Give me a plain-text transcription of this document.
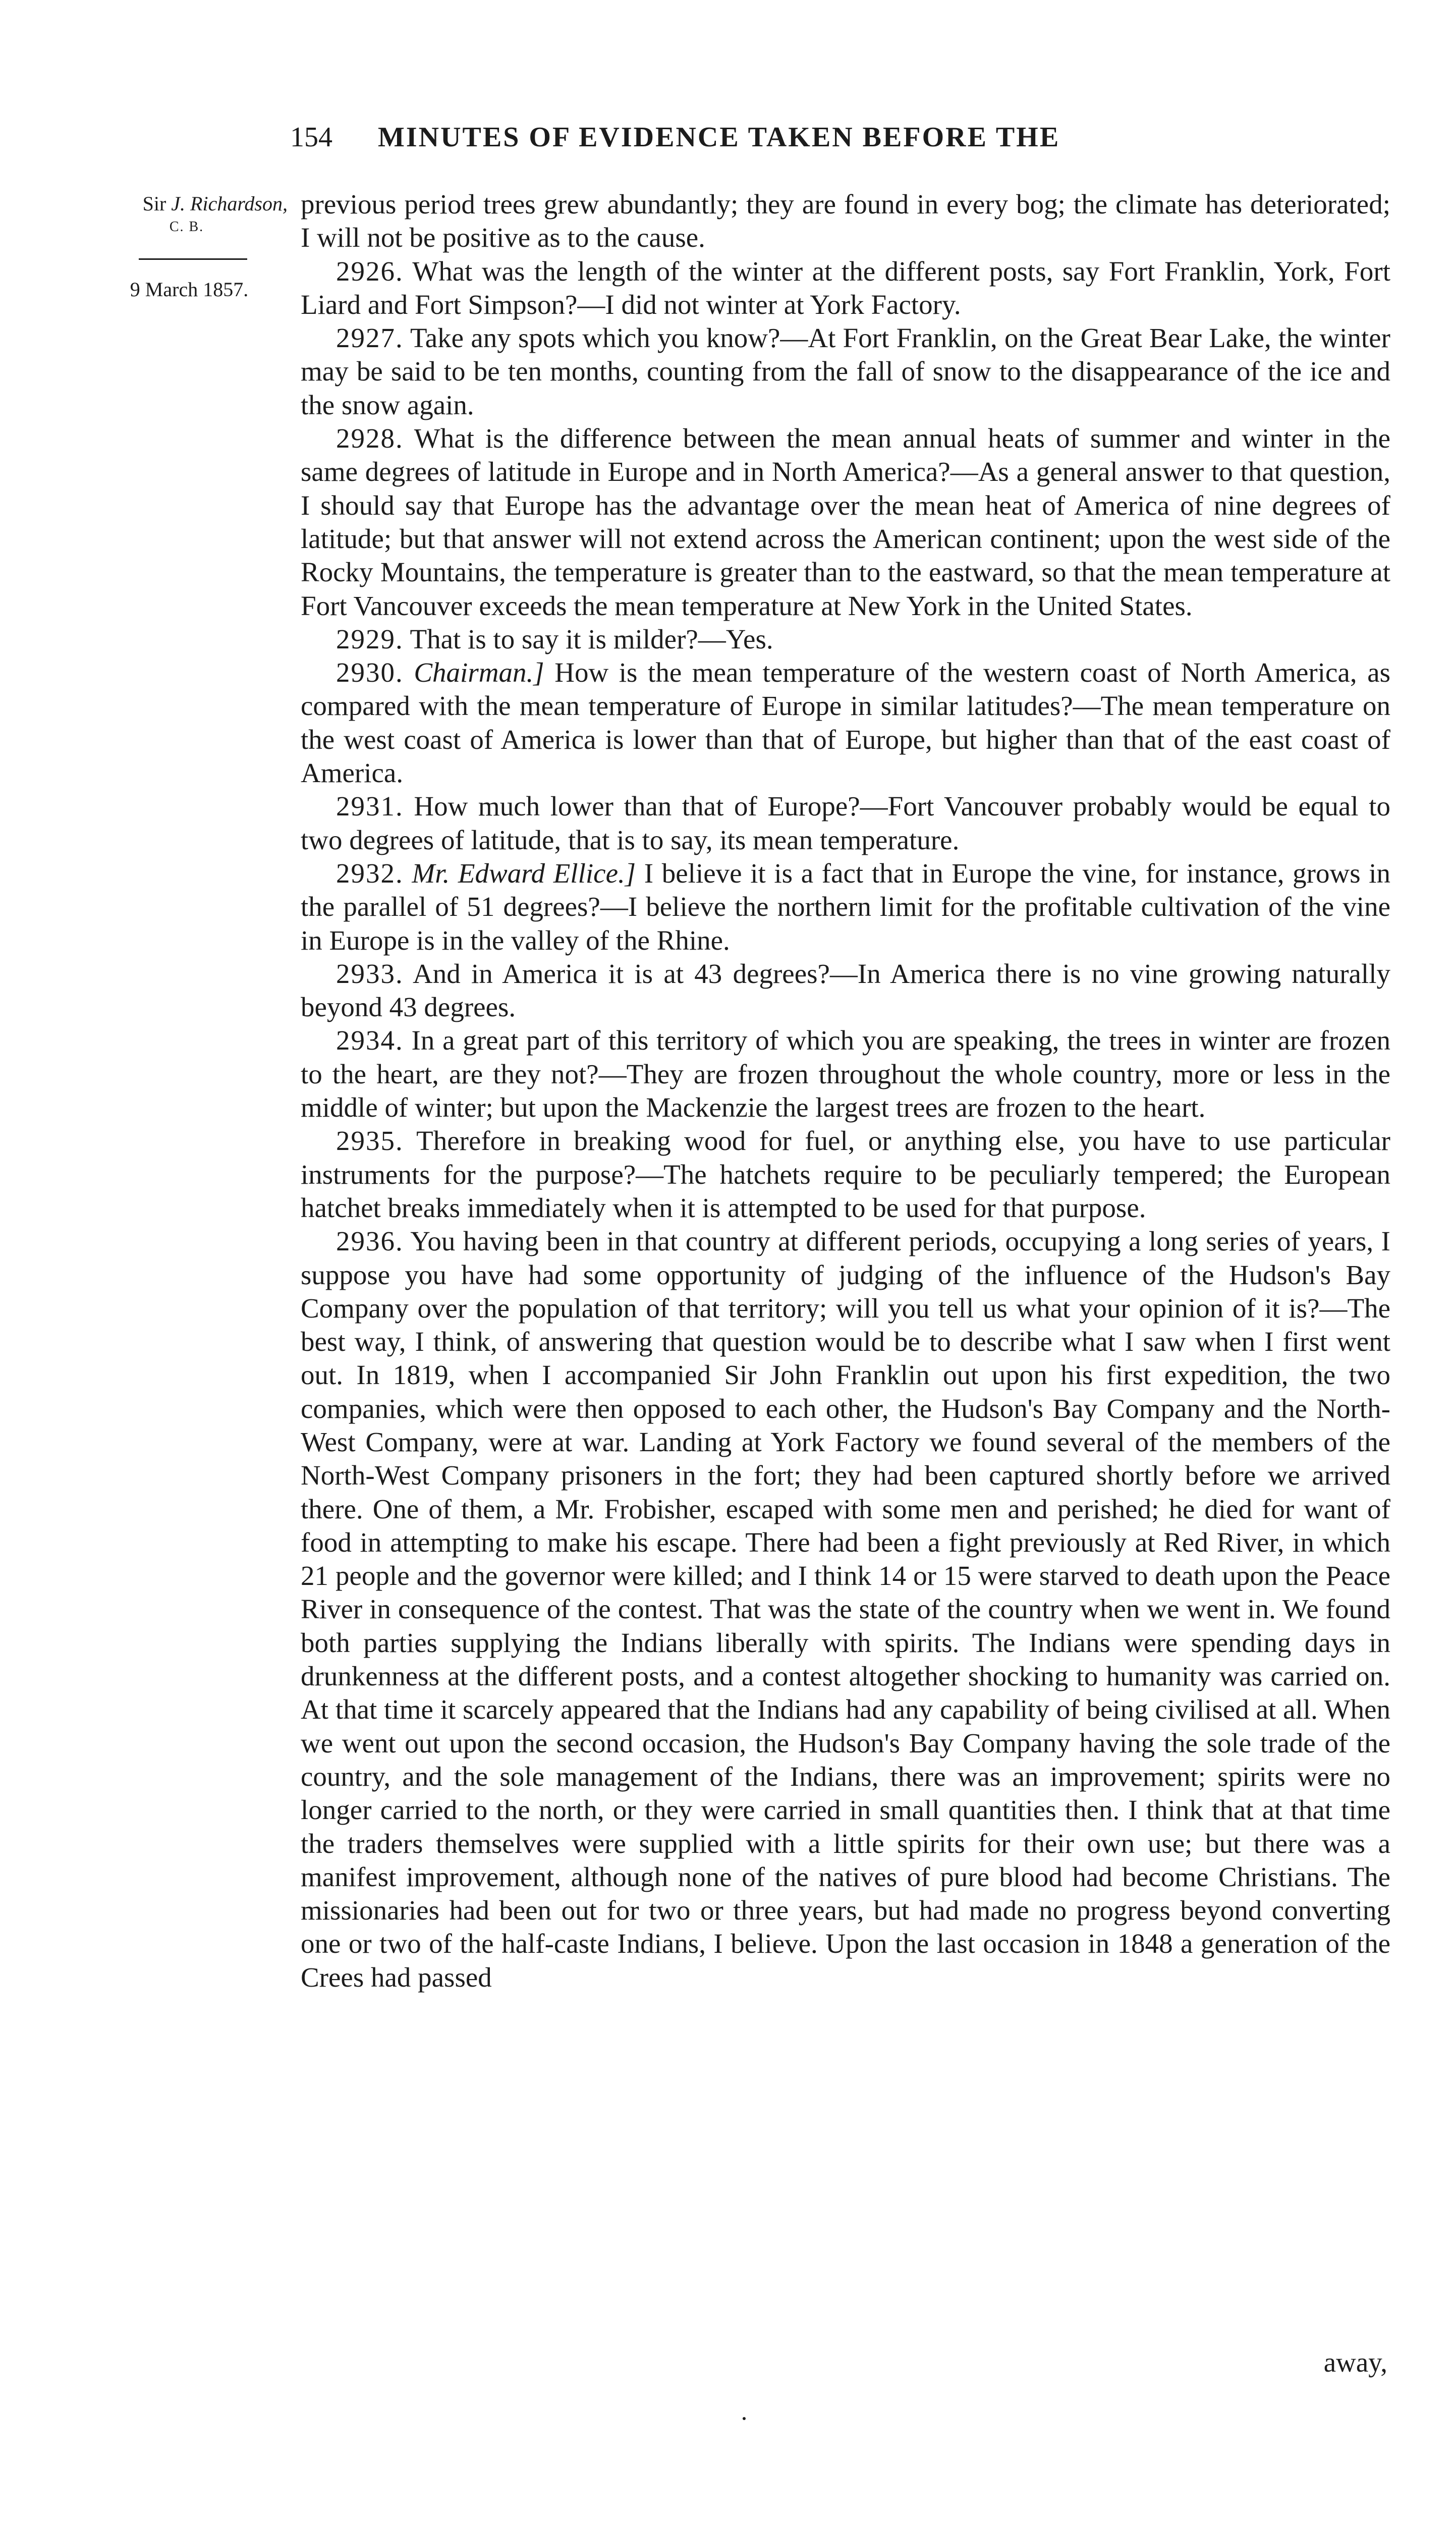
154 MINUTES OF EVIDENCE TAKEN BEFORE THE
Sir J. Richardson,
C. B.
9 March 1857.

previous period trees grew abundantly; they are found in every bog; the climate has deteriorated; I will not be positive as to the cause.

2926. What was the length of the winter at the different posts, say Fort Franklin, York, Fort Liard and Fort Simpson?—I did not winter at York Factory.

2927. Take any spots which you know?—At Fort Franklin, on the Great Bear Lake, the winter may be said to be ten months, counting from the fall of snow to the disappearance of the ice and the snow again.

2928. What is the difference between the mean annual heats of summer and winter in the same degrees of latitude in Europe and in North America?—As a general answer to that question, I should say that Europe has the advantage over the mean heat of America of nine degrees of latitude; but that answer will not extend across the American continent; upon the west side of the Rocky Mountains, the temperature is greater than to the eastward, so that the mean temperature at Fort Vancouver exceeds the mean temperature at New York in the United States.

2929. That is to say it is milder?—Yes.

2930. Chairman.] How is the mean temperature of the western coast of North America, as compared with the mean temperature of Europe in similar latitudes?—The mean temperature on the west coast of America is lower than that of Europe, but higher than that of the east coast of America.

2931. How much lower than that of Europe?—Fort Vancouver probably would be equal to two degrees of latitude, that is to say, its mean temperature.

2932. Mr. Edward Ellice.] I believe it is a fact that in Europe the vine, for instance, grows in the parallel of 51 degrees?—I believe the northern limit for the profitable cultivation of the vine in Europe is in the valley of the Rhine.

2933. And in America it is at 43 degrees?—In America there is no vine growing naturally beyond 43 degrees.

2934. In a great part of this territory of which you are speaking, the trees in winter are frozen to the heart, are they not?—They are frozen throughout the whole country, more or less in the middle of winter; but upon the Mackenzie the largest trees are frozen to the heart.

2935. Therefore in breaking wood for fuel, or anything else, you have to use particular instruments for the purpose?—The hatchets require to be peculiarly tempered; the European hatchet breaks immediately when it is attempted to be used for that purpose.

2936. You having been in that country at different periods, occupying a long series of years, I suppose you have had some opportunity of judging of the influence of the Hudson's Bay Company over the population of that territory; will you tell us what your opinion of it is?—The best way, I think, of answering that question would be to describe what I saw when I first went out. In 1819, when I accompanied Sir John Franklin out upon his first expedition, the two companies, which were then opposed to each other, the Hudson's Bay Company and the North-West Company, were at war. Landing at York Factory we found several of the members of the North-West Company prisoners in the fort; they had been captured shortly before we arrived there. One of them, a Mr. Frobisher, escaped with some men and perished; he died for want of food in attempting to make his escape. There had been a fight previously at Red River, in which 21 people and the governor were killed; and I think 14 or 15 were starved to death upon the Peace River in consequence of the contest. That was the state of the country when we went in. We found both parties supplying the Indians liberally with spirits. The Indians were spending days in drunkenness at the different posts, and a contest altogether shocking to humanity was carried on. At that time it scarcely appeared that the Indians had any capability of being civilised at all. When we went out upon the second occasion, the Hudson's Bay Company having the sole trade of the country, and the sole management of the Indians, there was an improvement; spirits were no longer carried to the north, or they were carried in small quantities then. I think that at that time the traders themselves were supplied with a little spirits for their own use; but there was a manifest improvement, although none of the natives of pure blood had become Christians. The missionaries had been out for two or three years, but had made no progress beyond converting one or two of the half-caste Indians, I believe. Upon the last occasion in 1848 a generation of the Crees had passed

away,
